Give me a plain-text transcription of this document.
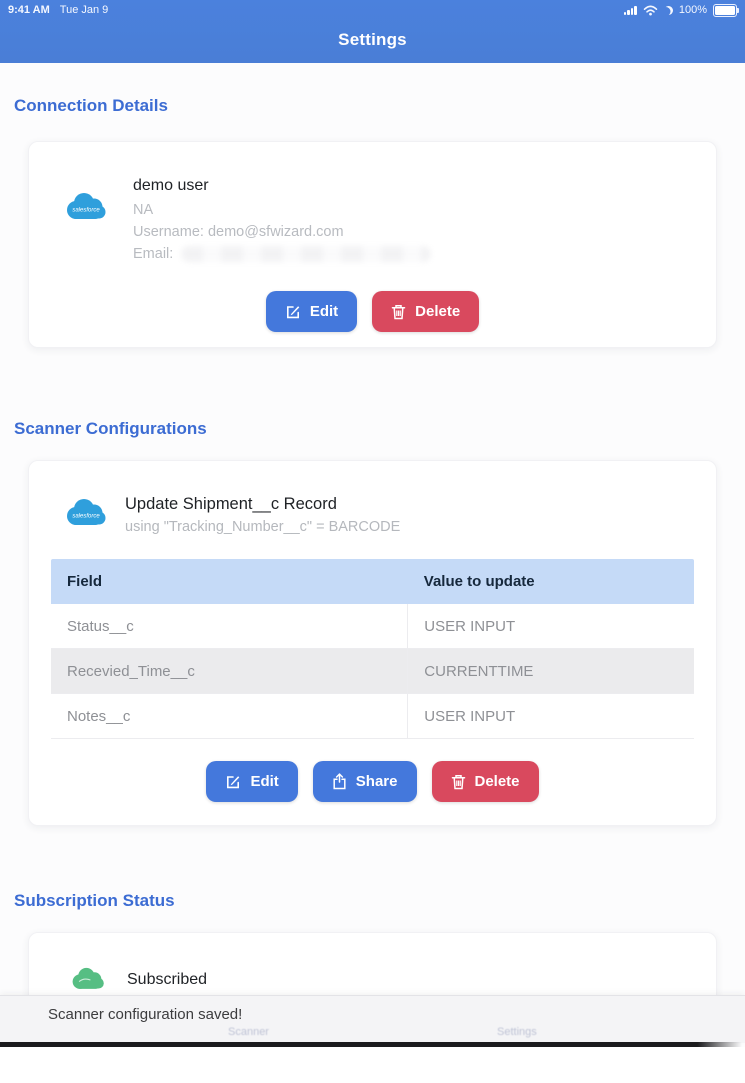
9:41 AM Tue Jan 9	100%
Settings
Connection Details
salesforce
demo user
NA
Username: demo@sfwizard.com
Email:
Edit	Delete
Scanner Configurations
salesforce
Update Shipment__c Record
using "Tracking_Number__c" = BARCODE
Field	Value to update
Status__c	USER INPUT
Recevied_Time__c	CURRENTTIME
Notes__c	USER INPUT
Edit	Share	Delete
Subscription Status
Subscribed
Scanner configuration saved!
Scanner	Settings
